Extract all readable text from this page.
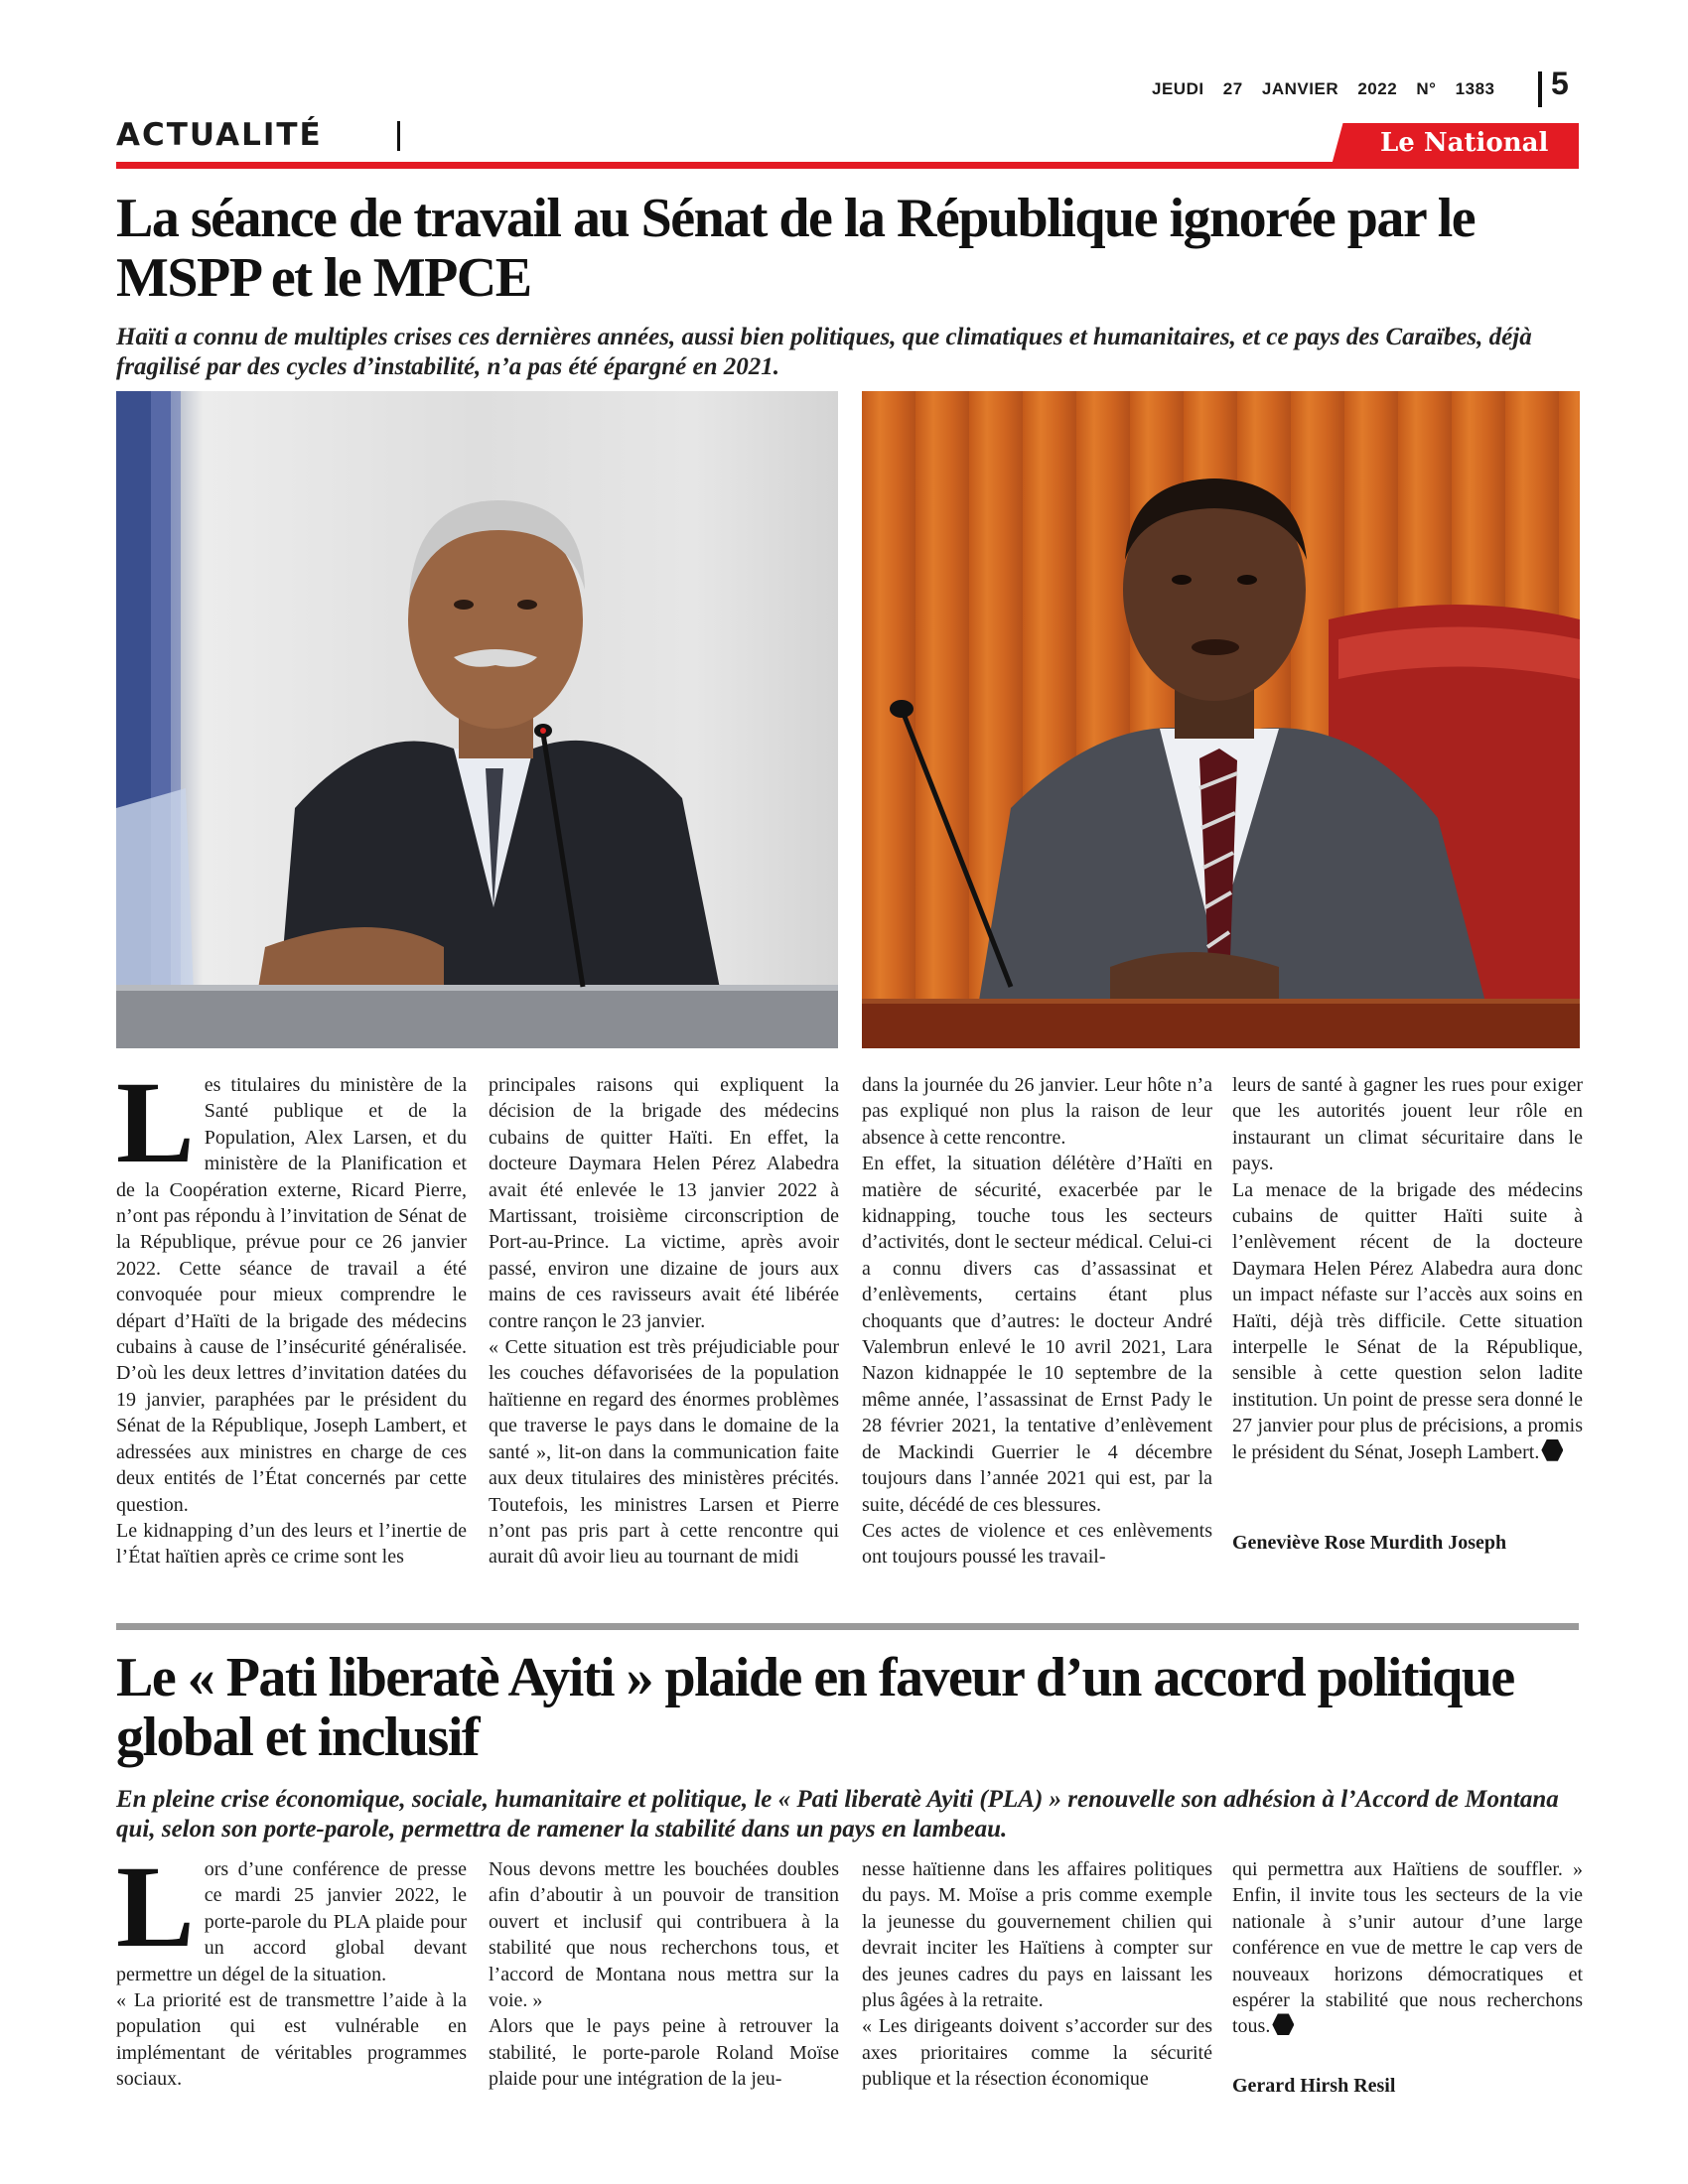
JEUDI 27 JANVIER 2022 N° 1383 5
ACTUALITÉ	Le National
La séance de travail au Sénat de la République ignorée par le MSPP et le MPCE

Haïti a connu de multiples crises ces dernières années, aussi bien politiques, que climatiques et humanitaires, et ce pays des Caraïbes, déjà fragilisé par des cycles d’instabilité, n’a pas été épargné en 2021.

L es titulaires du ministère de la Santé publique et de la Population, Alex Larsen, et du ministère de la Planification et de la Coopération externe, Ricard Pierre, n’ont pas répondu à l’invitation de Sénat de la République, prévue pour ce 26 janvier 2022. Cette séance de travail a été convoquée pour mieux comprendre le départ d’Haïti de la brigade des médecins cubains à cause de l’insécurité généralisée. D’où les deux lettres d’invitation datées du 19 janvier, paraphées par le président du Sénat de la République, Joseph Lambert, et adressées aux ministres en charge de ces deux entités de l’État concernés par cette question.

Le kidnapping d’un des leurs et l’inertie de l’État haïtien après ce crime sont les

principales raisons qui expliquent la décision de la brigade des médecins cubains de quitter Haïti. En effet, la docteure Daymara Helen Pérez Alabedra avait été enlevée le 13 janvier 2022 à Martissant, troisième circonscription de Port-au-Prince. La victime, après avoir passé, environ une dizaine de jours aux mains de ces ravisseurs avait été libérée contre rançon le 23 janvier.

« Cette situation est très préjudiciable pour les couches défavorisées de la population haïtienne en regard des énormes problèmes que traverse le pays dans le domaine de la santé », lit-on dans la communication faite aux deux titulaires des ministères précités. Toutefois, les ministres Larsen et Pierre n’ont pas pris part à cette rencontre qui aurait dû avoir lieu au tournant de midi

dans la journée du 26 janvier. Leur hôte n’a pas expliqué non plus la raison de leur absence à cette rencontre.

En effet, la situation délétère d’Haïti en matière de sécurité, exacerbée par le kidnapping, touche tous les secteurs d’activités, dont le secteur médical. Celui-ci a connu divers cas d’assassinat et d’enlèvements, certains étant plus choquants que d’autres: le docteur André Valembrun enlevé le 10 avril 2021, Lara Nazon kidnappée le 10 septembre de la même année, l’assassinat de Ernst Pady le 28 février 2021, la tentative d’enlèvement de Mackindi Guerrier le 4 décembre toujours dans l’année 2021 qui est, par la suite, décédé de ces blessures.

Ces actes de violence et ces enlèvements ont toujours poussé les travail-

leurs de santé à gagner les rues pour exiger que les autorités jouent leur rôle en instaurant un climat sécuritaire dans le pays.

La menace de la brigade des médecins cubains de quitter Haïti suite à l’enlèvement récent de la docteure Daymara Helen Pérez Alabedra aura donc un impact néfaste sur l’accès aux soins en Haïti, déjà très difficile. Cette situation interpelle le Sénat de la République, sensible à cette question selon ladite institution. Un point de presse sera donné le 27 janvier pour plus de précisions, a promis le président du Sénat, Joseph Lambert.

Geneviève Rose Murdith Joseph
Le « Pati liberatè Ayiti » plaide en faveur d’un accord politique global et inclusif

En pleine crise économique, sociale, humanitaire et politique, le « Pati liberatè Ayiti (PLA) » renouvelle son adhésion à l’Accord de Montana qui, selon son porte-parole, permettra de ramener la stabilité dans un pays en lambeau.

L ors d’une conférence de presse ce mardi 25 janvier 2022, le porte-parole du PLA plaide pour un accord global devant permettre un dégel de la situation.

« La priorité est de transmettre l’aide à la population qui est vulnérable en implémentant de véritables programmes sociaux.

Nous devons mettre les bouchées doubles afin d’aboutir à un pouvoir de transition ouvert et inclusif qui contribuera à la stabilité que nous recherchons tous, et l’accord de Montana nous mettra sur la voie. »

Alors que le pays peine à retrouver la stabilité, le porte-parole Roland Moïse plaide pour une intégration de la jeu-

nesse haïtienne dans les affaires politiques du pays. M. Moïse a pris comme exemple la jeunesse du gouvernement chilien qui devrait inciter les Haïtiens à compter sur des jeunes cadres du pays en laissant les plus âgées à la retraite.

« Les dirigeants doivent s’accorder sur des axes prioritaires comme la sécurité publique et la résection économique

qui permettra aux Haïtiens de souffler. » Enfin, il invite tous les secteurs de la vie nationale à s’unir autour d’une large conférence en vue de mettre le cap vers de nouveaux horizons démocratiques et espérer la stabilité que nous recherchons tous.

Gerard Hirsh Resil
